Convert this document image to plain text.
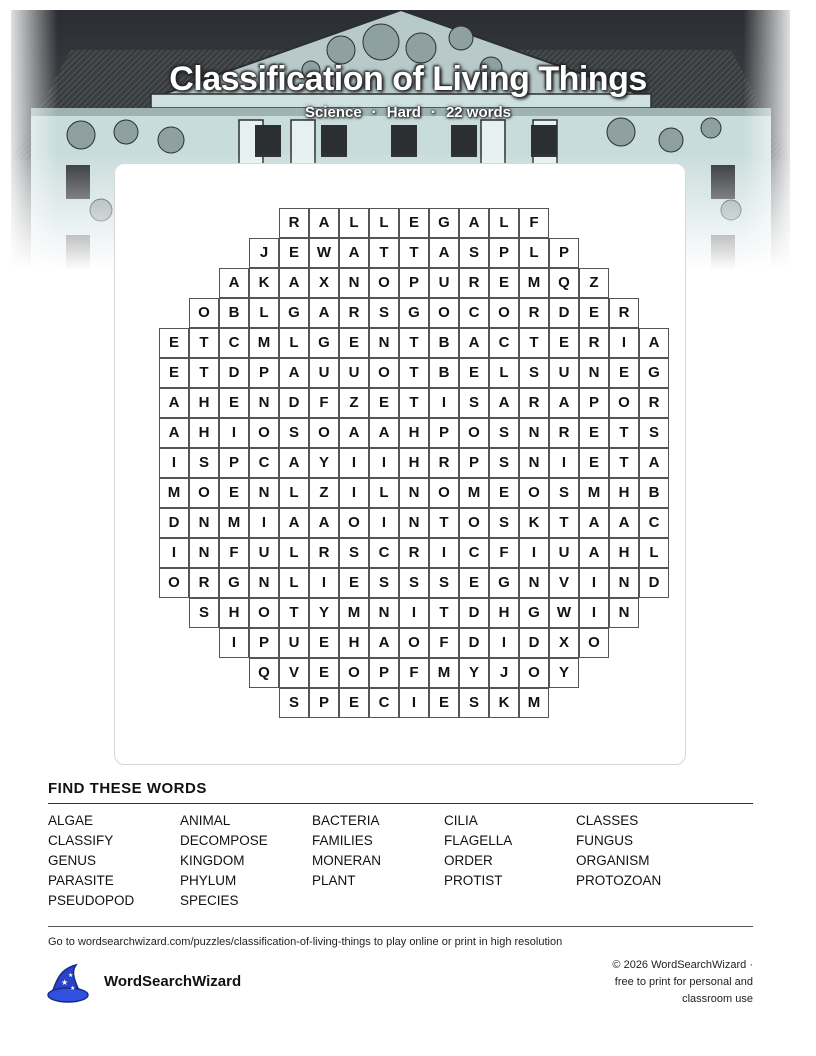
Classification of Living Things
Science · Hard · 22 words
R	A	L	L	E	G	A	L	F
J	E	W	A	T	T	A	S	P	L	P
A	K	A	X	N	O	P	U	R	E	M	Q	Z
O	B	L	G	A	R	S	G	O	C	O	R	D	E	R
E	T	C	M	L	G	E	N	T	B	A	C	T	E	R	I	A
E	T	D	P	A	U	U	O	T	B	E	L	S	U	N	E	G
A	H	E	N	D	F	Z	E	T	I	S	A	R	A	P	O	R
A	H	I	O	S	O	A	A	H	P	O	S	N	R	E	T	S
I	S	P	C	A	Y	I	I	H	R	P	S	N	I	E	T	A
M	O	E	N	L	Z	I	L	N	O	M	E	O	S	M	H	B
D	N	M	I	A	A	O	I	N	T	O	S	K	T	A	A	C
I	N	F	U	L	R	S	C	R	I	C	F	I	U	A	H	L
O	R	G	N	L	I	E	S	S	S	E	G	N	V	I	N	D
S	H	O	T	Y	M	N	I	T	D	H	G	W	I	N
I	P	U	E	H	A	O	F	D	I	D	X	O
Q	V	E	O	P	F	M	Y	J	O	Y
S	P	E	C	I	E	S	K	M
FIND THESE WORDS
ALGAE	ANIMAL	BACTERIA	CILIA	CLASSES
CLASSIFY	DECOMPOSE	FAMILIES	FLAGELLA	FUNGUS
GENUS	KINGDOM	MONERAN	ORDER	ORGANISM
PARASITE	PHYLUM	PLANT	PROTIST	PROTOZOAN
PSEUDOPOD	SPECIES
Go to wordsearchwizard.com/puzzles/classification-of-living-things to play online or print in high resolution
★
★
★ WordSearchWizard
© 2026 WordSearchWizard ·
free to print for personal and
classroom use
